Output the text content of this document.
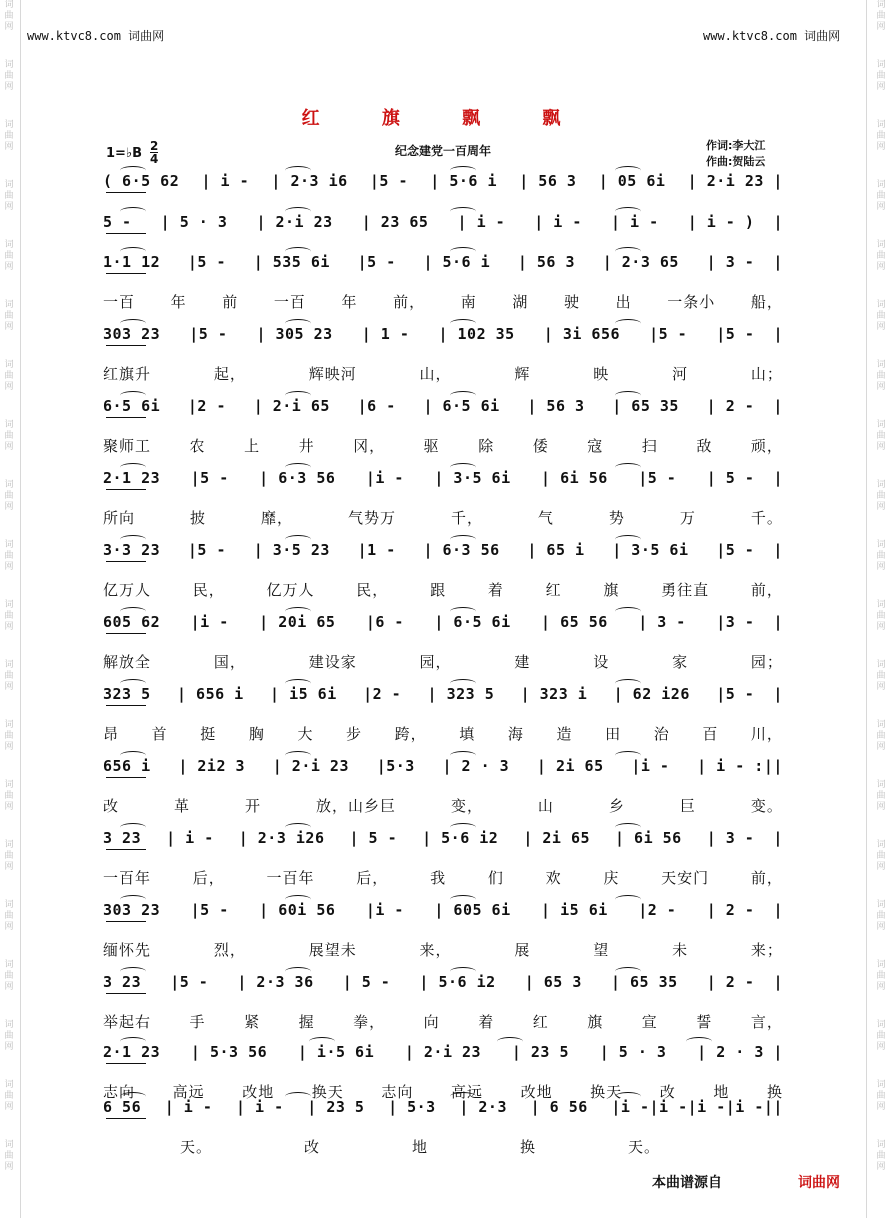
词
曲
网
词
曲
网
词
曲
网
词
曲
网
词
曲
网
词
曲
网
词
曲
网
词
曲
网
词
曲
网
词
曲
网
词
曲
网
词
曲
网
词
曲
网
词
曲
网
词
曲
网
词
曲
网
词
曲
网
词
曲
网
词
曲
网
词
曲
网
词
曲
网
词
曲
网
词
曲
网
词
曲
网
词
曲
网
词
曲
网
词
曲
网
词
曲
网
词
曲
网
词
曲
网
词
曲
网
词
曲
网
词
曲
网
词
曲
网
词
曲
网
词
曲
网
词
曲
网
词
曲
网
词
曲
网
词
曲
网
www.ktvc8.com 词曲网	www.ktvc8.com 词曲网
红 旗 飘 飘
1=♭B 2
4
纪念建党一百周年	作词:李大江
作曲:贺陆云
( 6·5 62 | i - | 2·3 i6 |5 - | 5·6 i | 56 3 | 05 6i | 2·i 23 |
5 - | 5 · 3 | 2·i 23 | 23 65 | i - | i - | i - | i - )  |
1·1 12 |5 - | 535 6i |5 - | 5·6 i | 56 3 | 2·3 65 | 3 -  |
一百 年 前 一百 年 前， 南 湖 驶 出 一条小 船，
303 23 |5 - | 305 23 | 1 - | 102 35 | 3i 656 |5 - |5 -  |
红旗升	起，	辉映河	山，	辉	映	河	山；
6·5 6i |2 - | 2·i 65 |6 - | 6·5 6i | 56 3 | 65 35 | 2 -  |
聚师工	农	上	井	冈，	驱	除	倭	寇	扫	敌	顽，
2·1 23 |5 - | 6·3 56 |i - | 3·5 6i | 6i 56 |5 - | 5 -  |
所向	披	靡，	气势万	千，	气	势	万	千。
3·3 23 |5 - | 3·5 23 |1 - | 6·3 56 | 65 i | 3·5 6i |5 -  |
亿万人	民，	亿万人	民，	跟	着	红	旗	勇往直	前，
605 62 |i - | 20i 65 |6 - | 6·5 6i | 65 56 | 3 - |3 -  |
解放全	国，	建设家	园，	建	设	家	园；
323 5 | 656 i | i5 6i |2 - | 323 5 | 323 i | 62 i26 |5 -  |
昂 首 挺 胸 大 步 跨， 填 海 造 田 治 百 川，
656 i | 2i2 3 | 2·i 23 |5·3 | 2 · 3 | 2i 65 |i - | i - :||
改	革	开	放，山乡巨	变，	山	乡	巨	变。
3 23 | i - | 2·3 i26 | 5 - | 5·6 i2 | 2i 65 | 6i 56 | 3 -  |
一百年	后，	一百年	后，	我	们	欢	庆	天安门	前，
303 23 |5 - | 60i 56 |i - | 605 6i | i5 6i |2 - | 2 -  |
缅怀先	烈，	展望未	来，	展	望	未	来；
3 23 |5 - | 2·3 36 | 5 - | 5·6 i2 | 65 3 | 65 35 | 2 -  |
举起右	手	紧	握	拳，	向	着	红	旗	宣	誓	言，
2·1 23 | 5·3 56 | i·5 6i | 2·i 23 | 23 5 | 5 · 3 | 2 · 3 |
志向	高远	改地	换天	志向	高远	改地	换天	改	地	换
6 56 | i - | i - | 23 5 | 5·3 | 2·3 | 6 56 |i -|i -|i -|i -||
天。	改	地	换	天。
本曲谱源自	词曲网
